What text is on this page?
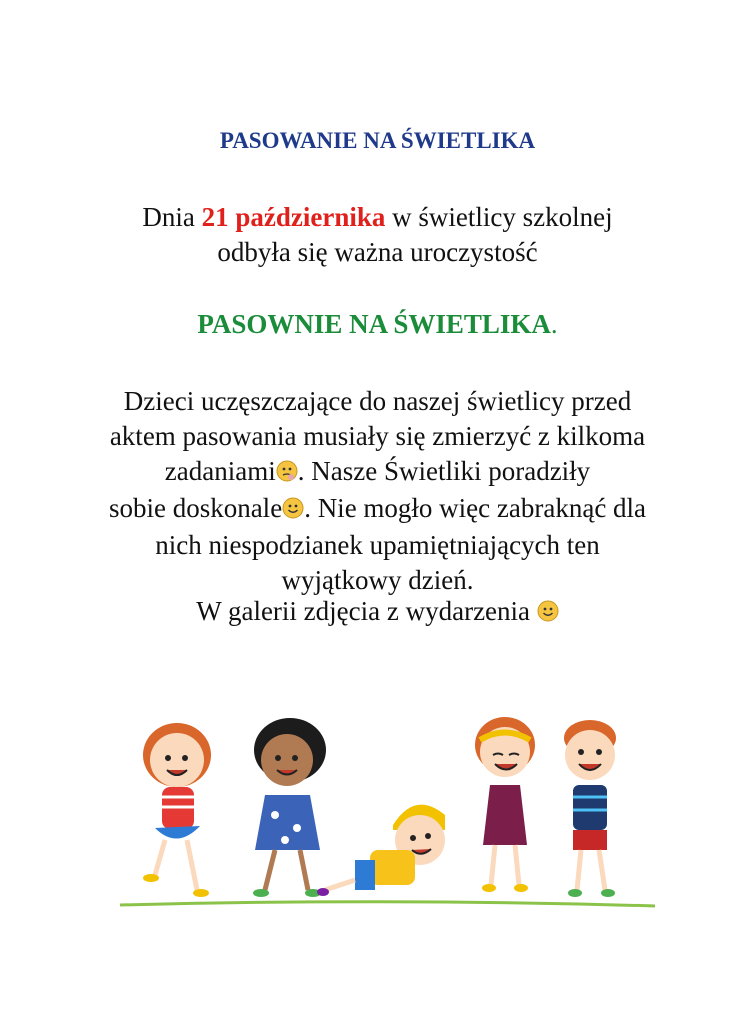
PASOWANIE NA ŚWIETLIKA
Dnia 21 października w świetlicy szkolnej
odbyła się ważna uroczystość
PASOWNIE NA ŚWIETLIKA.
Dzieci uczęszczające do naszej świetlicy przed
aktem pasowania musiały się zmierzyć z kilkoma
zadaniami . Nasze Świetliki poradziły
sobie doskonale . Nie mogło więc zabraknąć dla
nich niespodzianek upamiętniających ten
wyjątkowy dzień.
W galerii zdjęcia z wydarzenia
